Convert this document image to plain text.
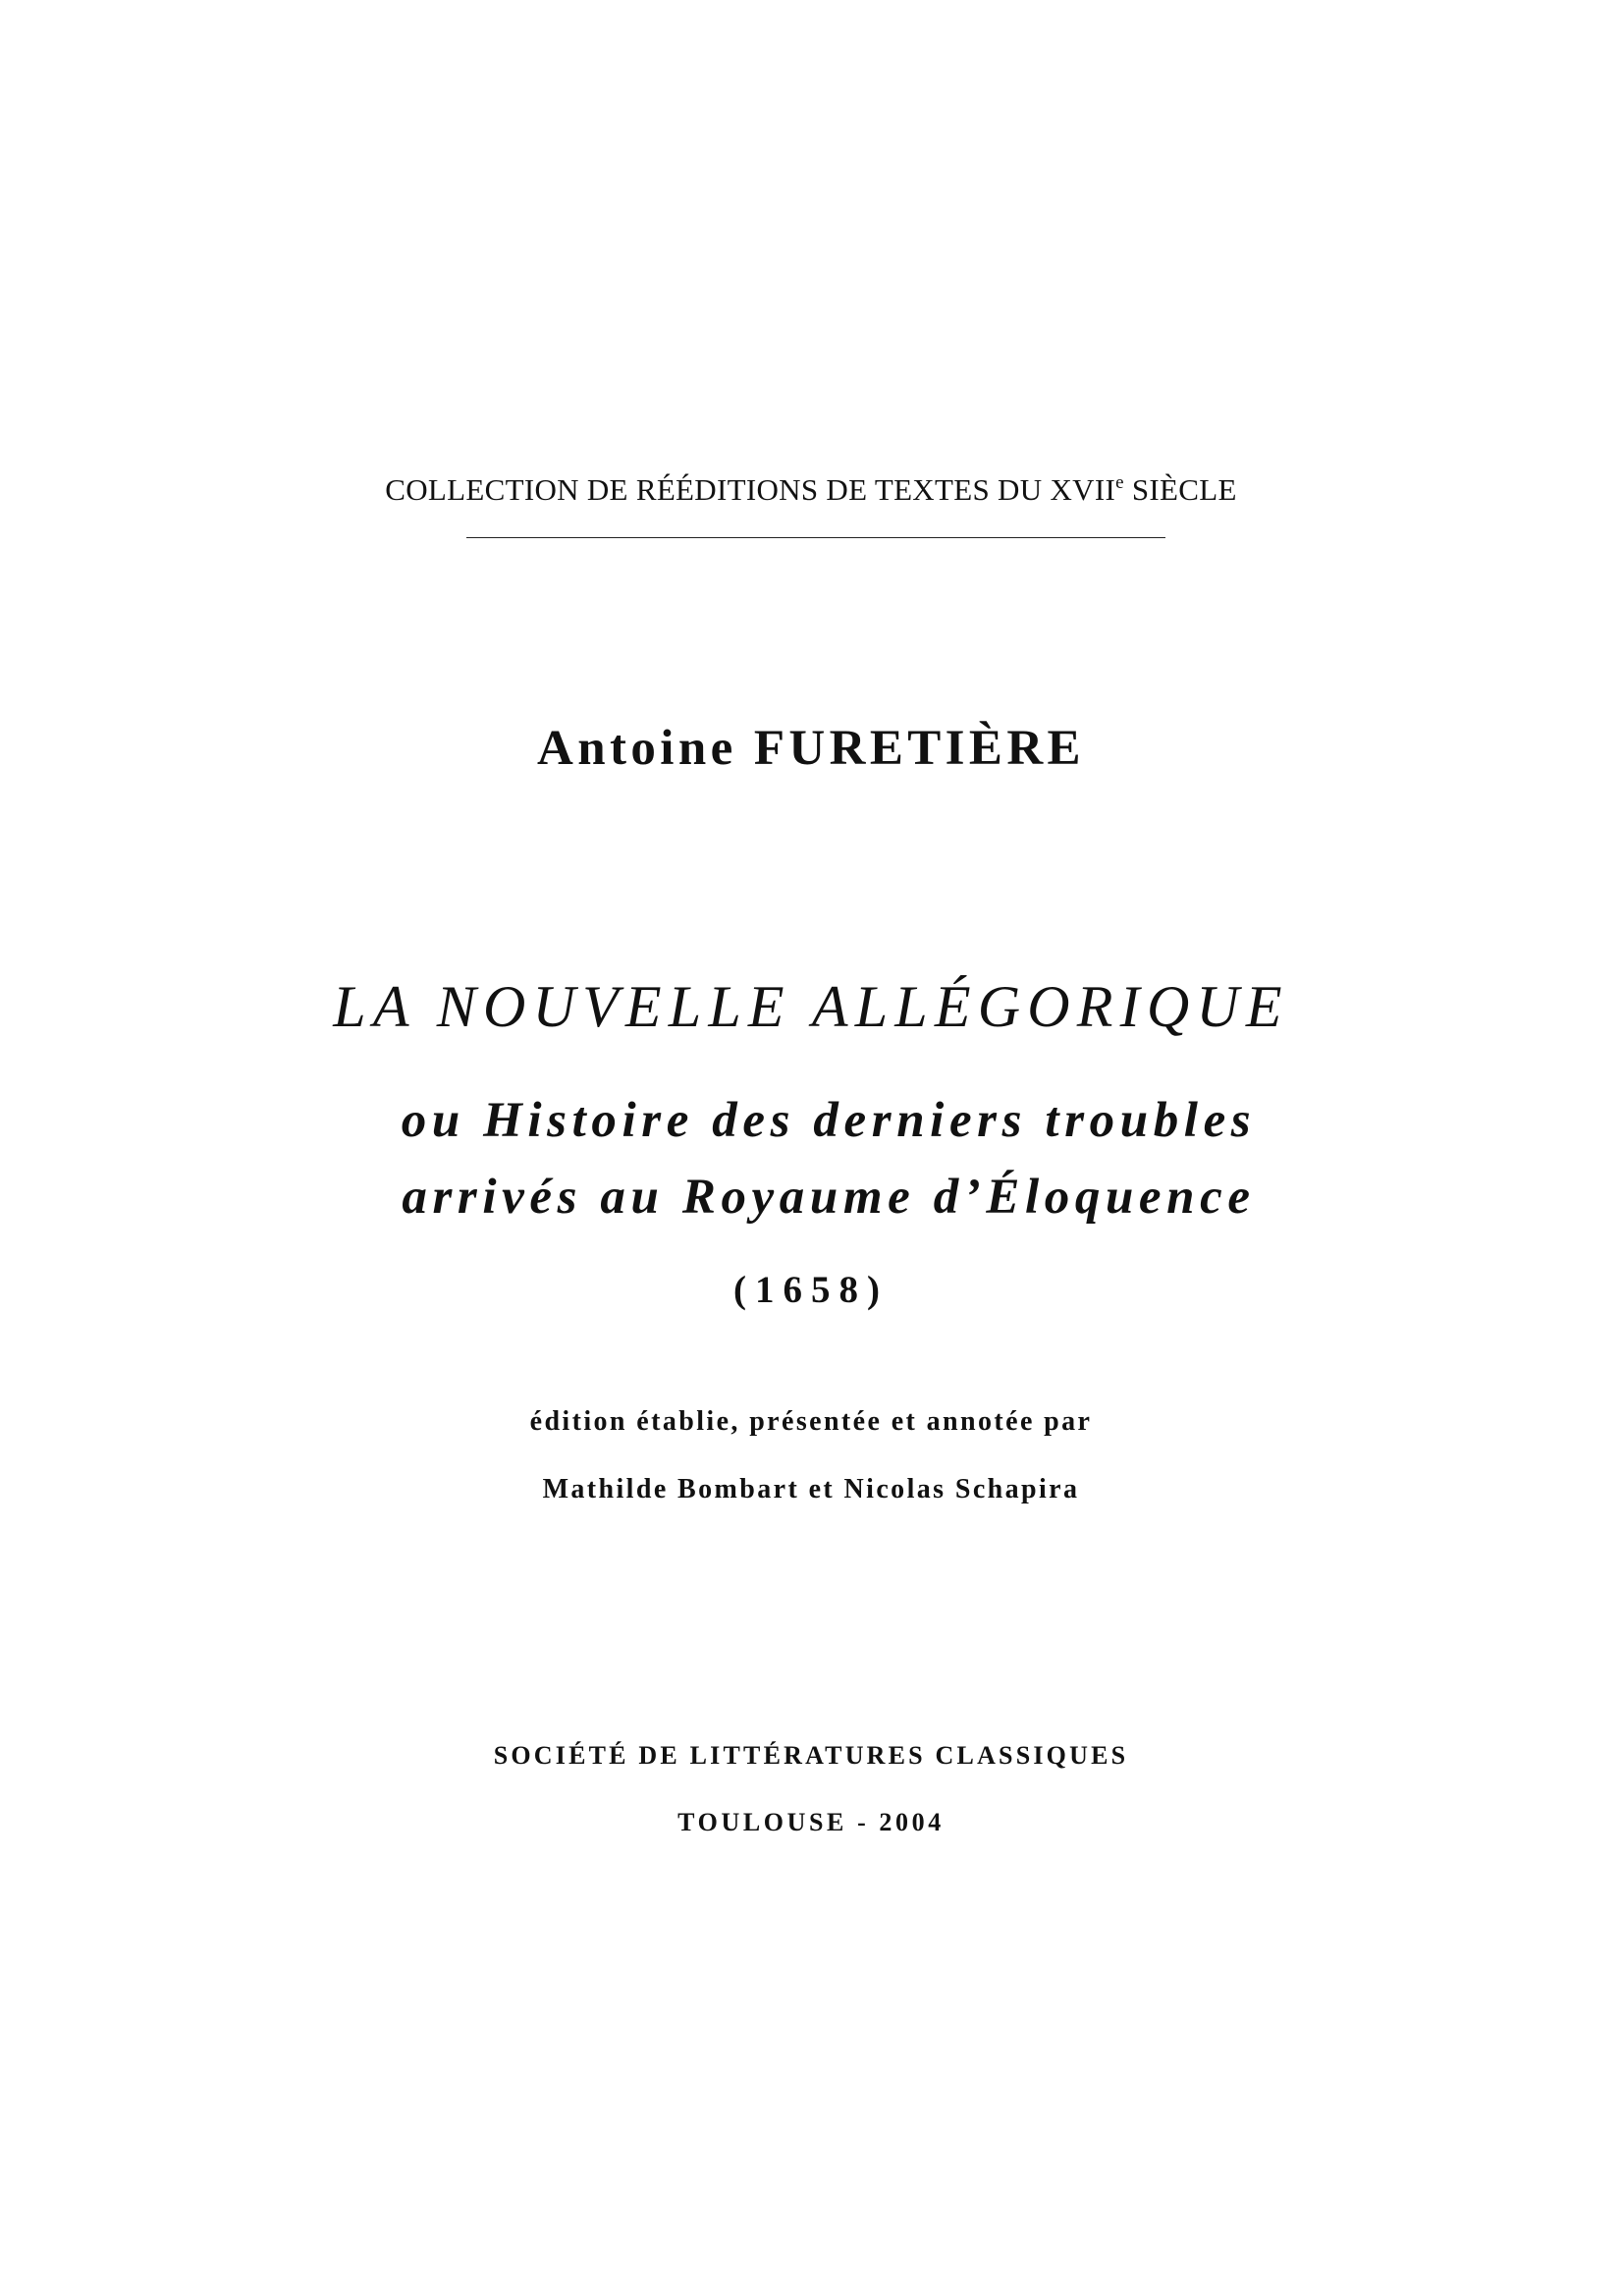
COLLECTION DE RÉÉDITIONS DE TEXTES DU XVIIe SIÈCLE
Antoine FURETIÈRE
LA NOUVELLE ALLÉGORIQUE
ou Histoire des derniers troubles
arrivés au Royaume d’Éloquence
(1658)
édition établie, présentée et annotée par
Mathilde Bombart et Nicolas Schapira
SOCIÉTÉ DE LITTÉRATURES CLASSIQUES
TOULOUSE - 2004
